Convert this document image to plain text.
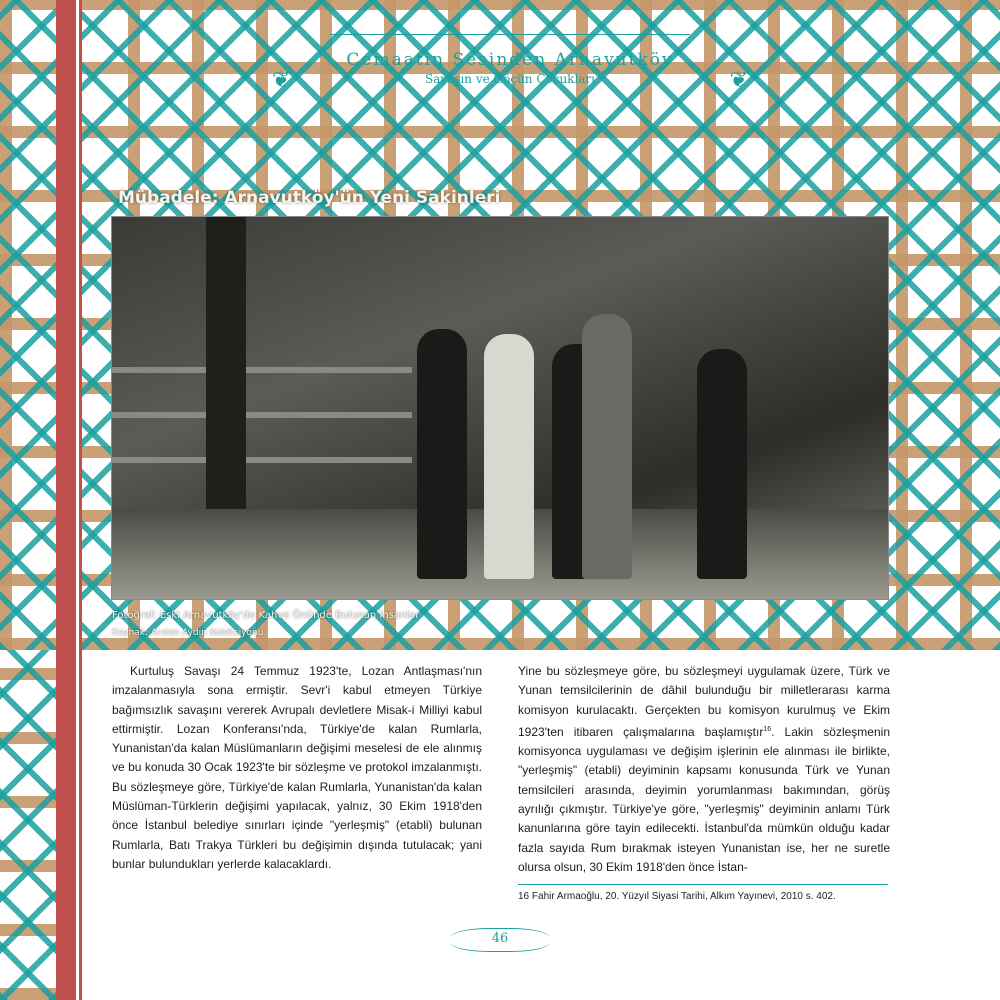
❦
Cemaatin Sesinden Arnavutköy
Savaşın ve Göçün Çocukları	❦
Mübadele: Arnavutköy'ün Yeni Sakinleri
Fotoğraf: Eski Arnavutköy'de Kahve Önünde Bulunan İnsanlar
Kaynak: Arslan Aydın Koleksiyonu

Kurtuluş Savaşı 24 Temmuz 1923'te, Lozan Antlaşması'nın imzalanmasıyla sona ermiştir. Sevr'i kabul etmeyen Türkiye bağımsızlık savaşını vererek Avrupalı devletlere Misak-i Milliyi kabul ettirmiştir. Lozan Konferansı'nda, Türkiye'de kalan Rumlarla, Yunanistan'da kalan Müslümanların değişimi meselesi de ele alınmış ve bu konuda 30 Ocak 1923'te bir sözleşme ve protokol imzalanmıştı. Bu sözleşmeye göre, Türkiye'de kalan Rumlarla, Yunanistan'da kalan Müslüman-Türklerin değişimi yapılacak, yalnız, 30 Ekim 1918'den önce İstanbul belediye sınırları içinde "yerleşmiş" (etabli) bulunan Rumlarla, Batı Trakya Türkleri bu değişimin dışında tutulacak; yani bunlar bulundukları yerlerde kalacaklardı.

Yine bu sözleşmeye göre, bu sözleşmeyi uygulamak üzere, Türk ve Yunan temsilcilerinin de dâhil bulunduğu bir milletlerarası karma komisyon kurulacaktı. Gerçekten bu komisyon kurulmuş ve Ekim 1923'ten itibaren çalışmalarına başlamıştır$^{16}$. Lakin sözleşmenin komisyonca uygulaması ve değişim işlerinin ele alınması ile birlikte, "yerleşmiş" (etabli) deyiminin kapsamı konusunda Türk ve Yunan temsilcileri arasında, deyimin yorumlanması bakımından, görüş ayrılığı çıkmıştır. Türkiye'ye göre, "yerleşmiş" deyiminin anlamı Türk kanunlarına göre tayin edilecekti. İstanbul'da mümkün olduğu kadar fazla sayıda Rum bırakmak isteyen Yunanistan ise, her ne suretle olursa olsun, 30 Ekim 1918'den önce İstan-

16 Fahir Armaoğlu, 20. Yüzyıl Siyasi Tarihi, Alkım Yayınevi, 2010 s. 402.
46
